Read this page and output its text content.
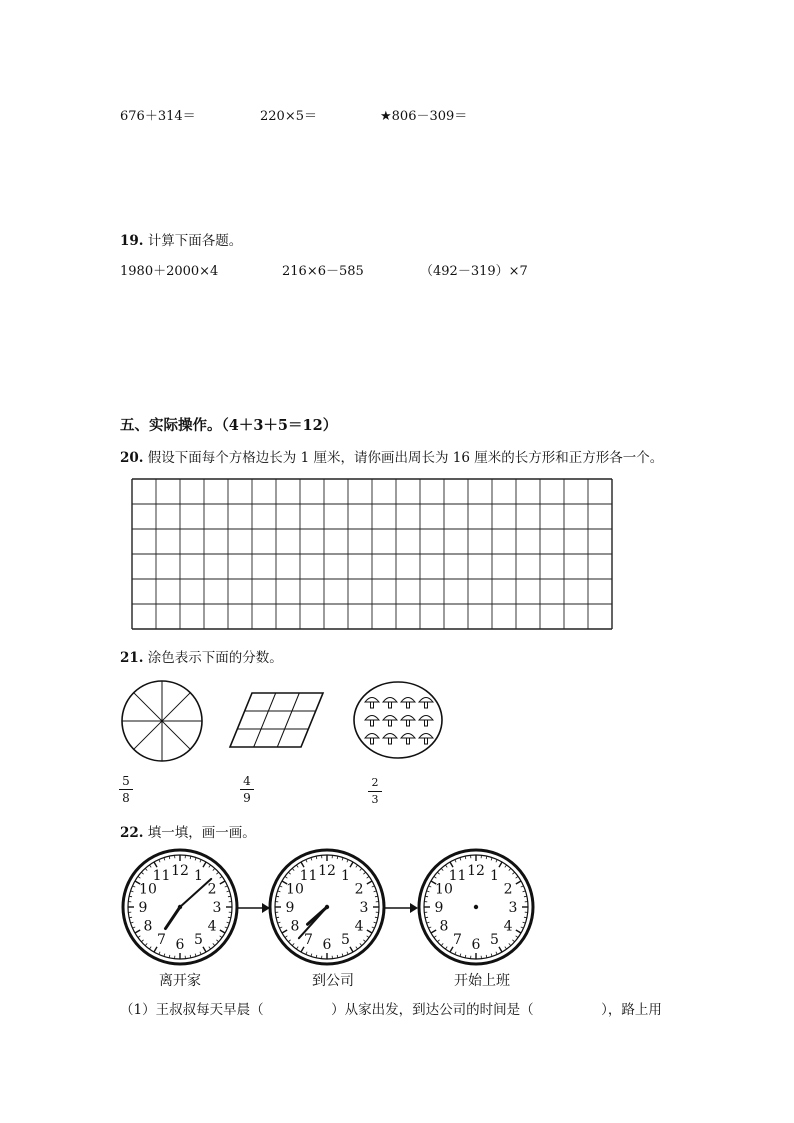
676＋314＝	220×5＝	★806－309＝
19. 计算下面各题。
1980＋2000×4	216×6－585	（492－319）×7
五、实际操作。（4＋3＋5＝12）
20. 假设下面每个方格边长为 1 厘米，请你画出周长为 16 厘米的长方形和正方形各一个。
21. 涂色表示下面的分数。
5
8
4
9
2
3
22. 填一填，画一画。
12 1
2
3
4
5
6
7
8
9
10
11	12 1
2
3
4
5
6
7
8
9
10
11	12 1
2
3
4
5
6
7
8
9
10
11
离开家	到公司	开始上班
（1）王叔叔每天早晨（　　　　　）从家出发，到达公司的时间是（　　　　　），路上用
